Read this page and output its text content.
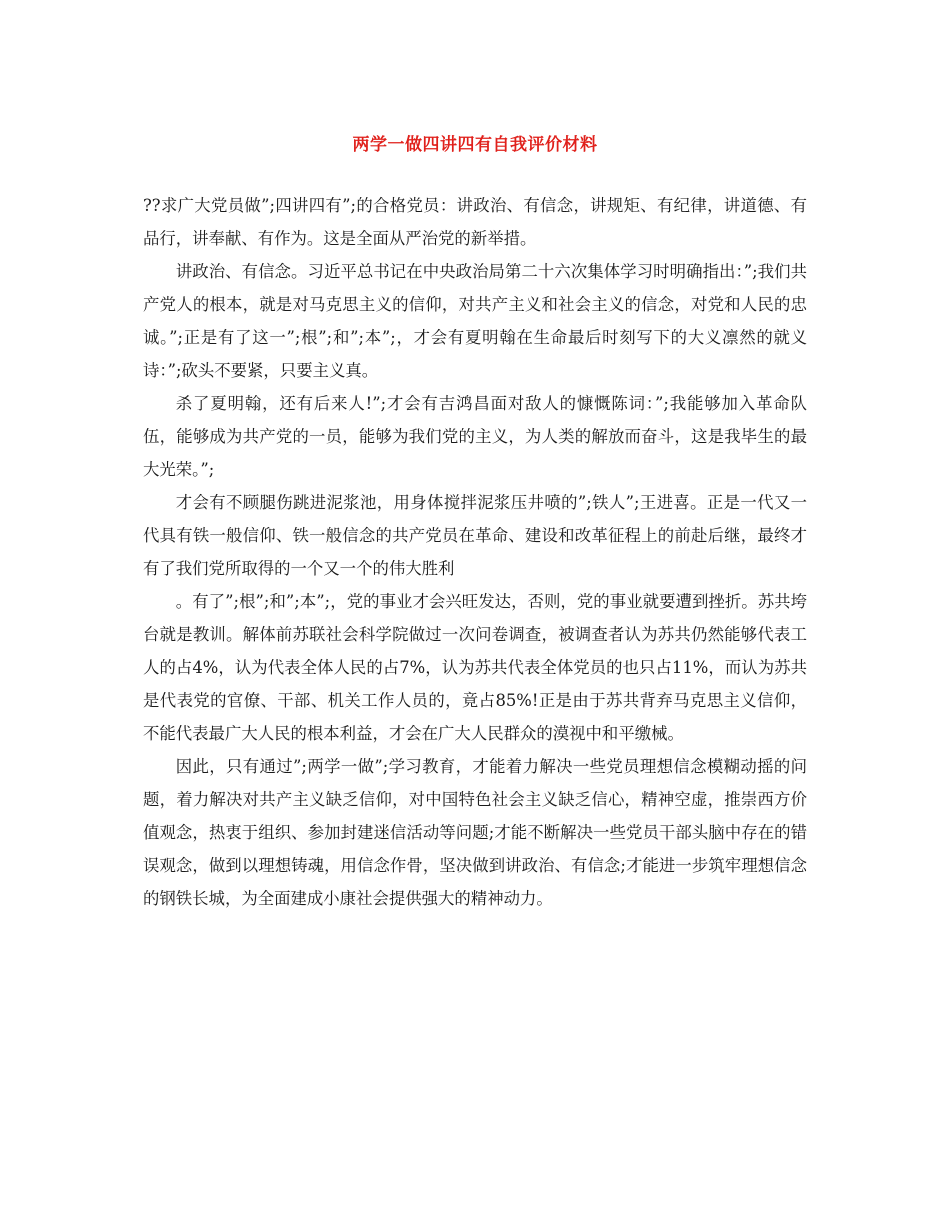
两学一做四讲四有自我评价材料

??求广大党员做”;四讲四有”;的合格党员：讲政治、有信念，讲规矩、有纪律，讲道德、有品行，讲奉献、有作为。这是全面从严治党的新举措。

讲政治、有信念。习近平总书记在中央政治局第二十六次集体学习时明确指出：”;我们共产党人的根本，就是对马克思主义的信仰，对共产主义和社会主义的信念，对党和人民的忠诚。”;正是有了这一”;根”;和”;本”;，才会有夏明翰在生命最后时刻写下的大义凛然的就义诗：”;砍头不要紧，只要主义真。

杀了夏明翰，还有后来人!”;才会有吉鸿昌面对敌人的慷慨陈词：”;我能够加入革命队伍，能够成为共产党的一员，能够为我们党的主义，为人类的解放而奋斗，这是我毕生的最大光荣。”;

才会有不顾腿伤跳进泥浆池，用身体搅拌泥浆压井喷的”;铁人”;王进喜。正是一代又一代具有铁一般信仰、铁一般信念的共产党员在革命、建设和改革征程上的前赴后继，最终才有了我们党所取得的一个又一个的伟大胜利

。有了”;根”;和”;本”;，党的事业才会兴旺发达，否则，党的事业就要遭到挫折。苏共垮台就是教训。解体前苏联社会科学院做过一次问卷调查，被调查者认为苏共仍然能够代表工人的占4%，认为代表全体人民的占7%，认为苏共代表全体党员的也只占11%，而认为苏共是代表党的官僚、干部、机关工作人员的，竟占85%!正是由于苏共背弃马克思主义信仰，不能代表最广大人民的根本利益，才会在广大人民群众的漠视中和平缴械。

因此，只有通过”;两学一做”;学习教育，才能着力解决一些党员理想信念模糊动摇的问题，着力解决对共产主义缺乏信仰，对中国特色社会主义缺乏信心，精神空虚，推崇西方价值观念，热衷于组织、参加封建迷信活动等问题;才能不断解决一些党员干部头脑中存在的错误观念，做到以理想铸魂，用信念作骨，坚决做到讲政治、有信念;才能进一步筑牢理想信念的钢铁长城，为全面建成小康社会提供强大的精神动力。
